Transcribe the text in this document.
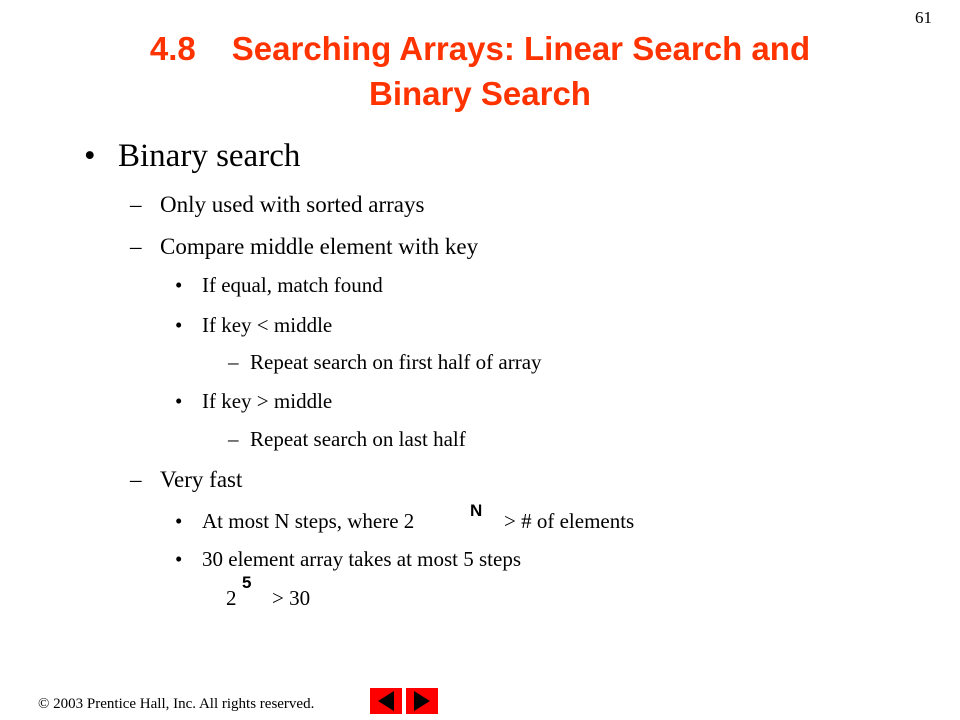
61
4.8 Searching Arrays: Linear Search and
Binary Search
• Binary search
– Only used with sorted arrays
– Compare middle element with key
• If equal, match found
• If key < middle
– Repeat search on first half of array
• If key > middle
– Repeat search on last half
– Very fast
• At most N steps, where 2	N > # of elements
• 30 element array takes at most 5 steps
2
5
> 30
© 2003 Prentice Hall, Inc. All rights reserved.
